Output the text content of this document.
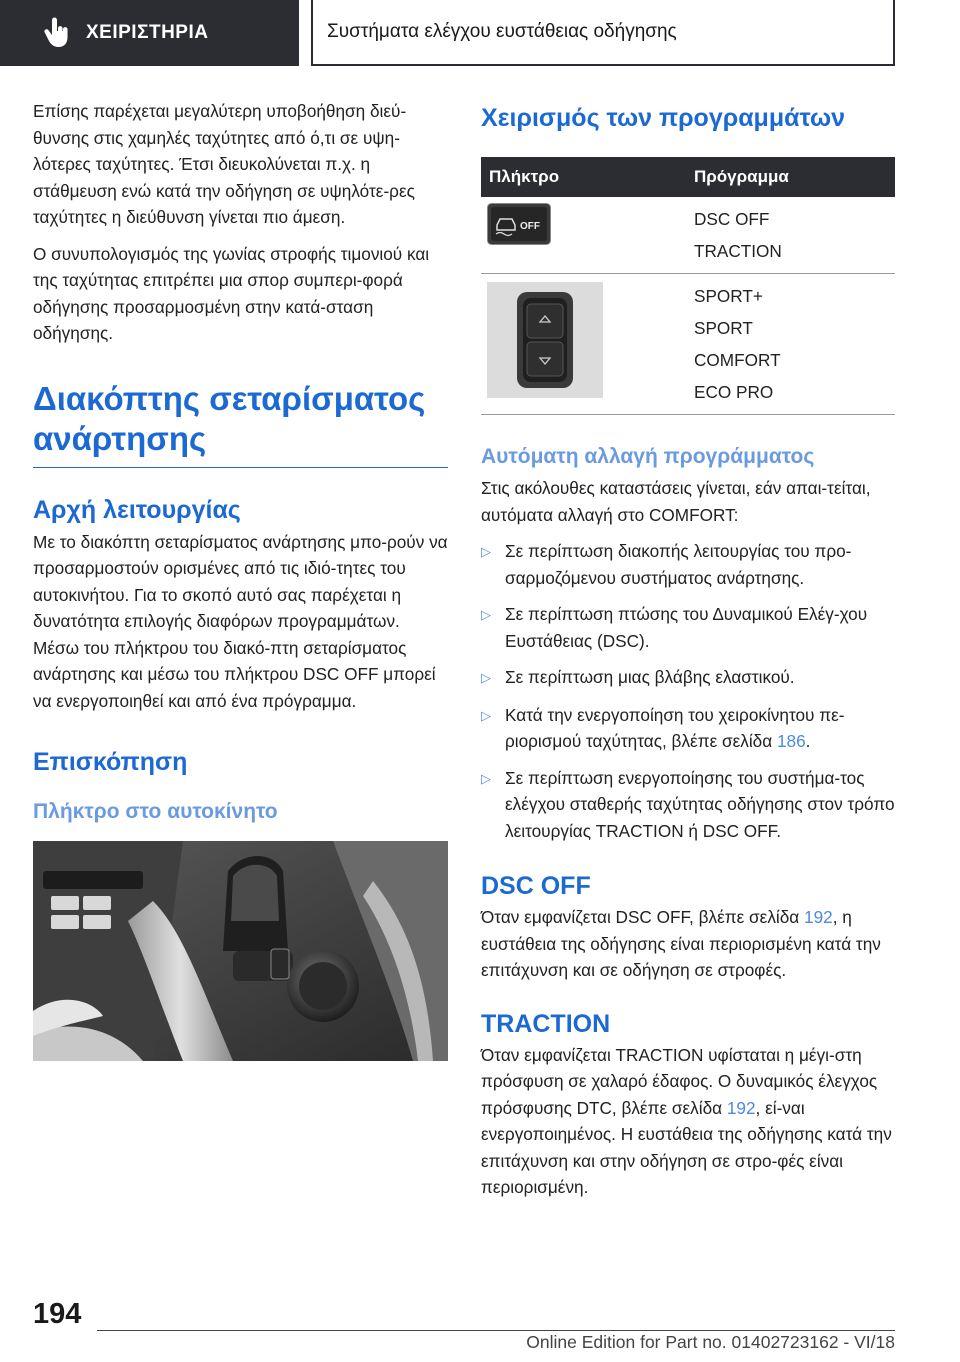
ΧΕΙΡΙΣΤΗΡΙΑ	Συστήματα ελέγχου ευστάθειας οδήγησης

Επίσης παρέχεται μεγαλύτερη υποβοήθηση διεύ-θυνσης στις χαμηλές ταχύτητες από ό,τι σε υψη-λότερες ταχύτητες. Έτσι διευκολύνεται π.χ. η στάθμευση ενώ κατά την οδήγηση σε υψηλότε-ρες ταχύτητες η διεύθυνση γίνεται πιο άμεση.

Ο συνυπολογισμός της γωνίας στροφής τιμονιού και της ταχύτητας επιτρέπει μια σπορ συμπερι-φορά οδήγησης προσαρμοσμένη στην κατά-σταση οδήγησης.

Διακόπτης σεταρίσματος ανάρτησης
Αρχή λειτουργίας

Με το διακόπτη σεταρίσματος ανάρτησης μπο-ρούν να προσαρμοστούν ορισμένες από τις ιδιό-τητες του αυτοκινήτου. Για το σκοπό αυτό σας παρέχεται η δυνατότητα επιλογής διαφόρων προγραμμάτων. Μέσω του πλήκτρου του διακό-πτη σεταρίσματος ανάρτησης και μέσω του πλήκτρου DSC OFF μπορεί να ενεργοποιηθεί και από ένα πρόγραμμα.

Επισκόπηση
Πλήκτρο στο αυτοκίνητο
Χειρισμός των προγραμμάτων
Πλήκτρο	Πρόγραμμα

OFF	DSC OFF
TRACTION

SPORT+
SPORT
COMFORT
ECO PRO
Αυτόματη αλλαγή προγράμματος

Στις ακόλουθες καταστάσεις γίνεται, εάν απαι-τείται, αυτόματα αλλαγή στο COMFORT:

▷ Σε περίπτωση διακοπής λειτουργίας του προ-σαρμοζόμενου συστήματος ανάρτησης.
▷ Σε περίπτωση πτώσης του Δυναμικού Ελέγ-χου Ευστάθειας (DSC).
▷ Σε περίπτωση μιας βλάβης ελαστικού.
▷ Κατά την ενεργοποίηση του χειροκίνητου πε-ριορισμού ταχύτητας, βλέπε σελίδα 186.
▷ Σε περίπτωση ενεργοποίησης του συστήμα-τος ελέγχου σταθερής ταχύτητας οδήγησης στον τρόπο λειτουργίας TRACTION ή DSC OFF.
DSC OFF

Όταν εμφανίζεται DSC OFF, βλέπε σελίδα 192, η ευστάθεια της οδήγησης είναι περιορισμένη κατά την επιτάχυνση και σε οδήγηση σε στροφές.

TRACTION

Όταν εμφανίζεται TRACTION υφίσταται η μέγι-στη πρόσφυση σε χαλαρό έδαφος. Ο δυναμικός έλεγχος πρόσφυσης DTC, βλέπε σελίδα 192, εί-ναι ενεργοποιημένος. Η ευστάθεια της οδήγησης κατά την επιτάχυνση και στην οδήγηση σε στρο-φές είναι περιορισμένη.

194
Online Edition for Part no. 01402723162 - VI/18
